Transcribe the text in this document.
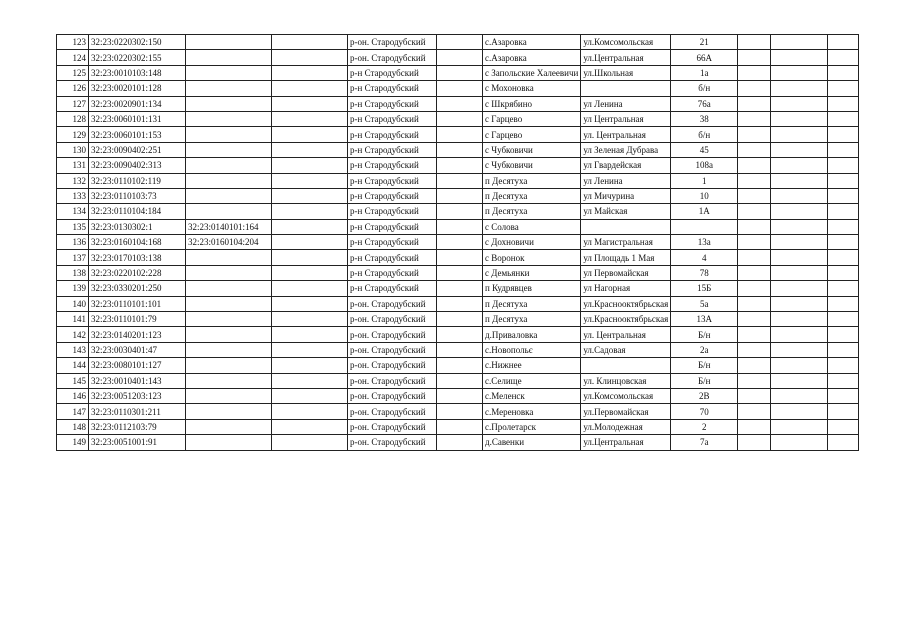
123	32:23:0220302:150			р-он. Стародубский		с.Азаровка	ул.Комсомольская	21			
124	32:23:0220302:155			р-он. Стародубский		с.Азаровка	ул.Центральная	66А			
125	32:23:0010103:148			р-н Стародубский		с Запольские Халеевичи	ул.Школьная	1а			
126	32:23:0020101:128			р-н Стародубский		с Мохоновка		б/н			
127	32:23:0020901:134			р-н Стародубский		с Шкрябино	ул Ленина	76а			
128	32:23:0060101:131			р-н Стародубский		с Гарцево	ул Центральная	38			
129	32:23:0060101:153			р-н Стародубский		с Гарцево	ул. Центральная	б/н			
130	32:23:0090402:251			р-н Стародубский		с Чубковичи	ул Зеленая Дубрава	45			
131	32:23:0090402:313			р-н Стародубский		с Чубковичи	ул Гвардейская	108а			
132	32:23:0110102:119			р-н Стародубский		п Десятуха	ул Ленина	1			
133	32:23:0110103:73			р-н Стародубский		п Десятуха	ул Мичурина	10			
134	32:23:0110104:184			р-н Стародубский		п Десятуха	ул Майская	1А			
135	32:23:0130302:1	32:23:0140101:164		р-н Стародубский		с Солова					
136	32:23:0160104:168	32:23:0160104:204		р-н Стародубский		с Дохновичи	ул Магистральная	13а			
137	32:23:0170103:138			р-н Стародубский		с Воронок	ул Площадь 1 Мая	4			
138	32:23:0220102:228			р-н Стародубский		с Демьянки	ул Первомайская	78			
139	32:23:0330201:250			р-н Стародубский		п Кудрявцев	ул Нагорная	15Б			
140	32:23:0110101:101			р-он. Стародубский		п Десятуха	ул.Краснооктябрьская	5а			
141	32:23:0110101:79			р-он. Стародубский		п Десятуха	ул.Краснооктябрьская	13А			
142	32:23:0140201:123			р-он. Стародубский		д.Приваловка	ул. Центральная	Б/н			
143	32:23:0030401:47			р-он. Стародубский		с.Новопольє	ул.Садовая	2а			
144	32:23:0080101:127			р-он. Стародубский		с.Нижнее		Б/н			
145	32:23:0010401:143			р-он. Стародубский		с.Селище	ул. Клинцовская	Б/н			
146	32:23:0051203:123			р-он. Стародубский		с.Меленск	ул.Комсомольская	2В			
147	32:23:0110301:211			р-он. Стародубский		с.Мереновка	ул.Первомайская	70			
148	32:23:0112103:79			р-он. Стародубский		с.Пролетарск	ул.Молодежная	2			
149	32:23:0051001:91			р-он. Стародубский		д.Савенки	ул.Центральная	7а			
